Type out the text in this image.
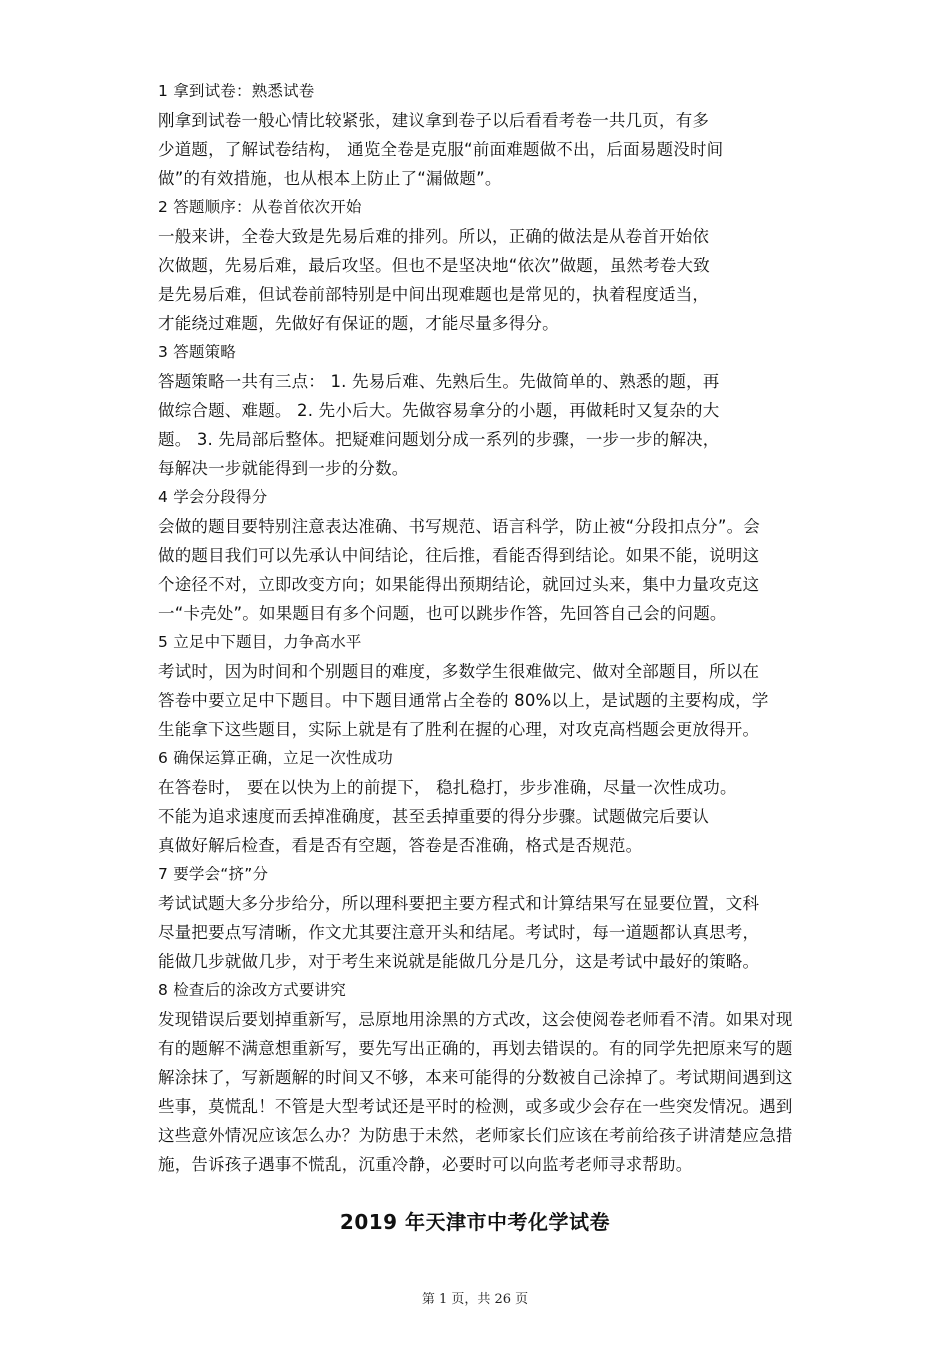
1 拿到试卷：熟悉试卷
刚拿到试卷一般心情比较紧张，建议拿到卷子以后看看考卷一共几页，有多
少道题，了解试卷结构， 通览全卷是克服“前面难题做不出，后面易题没时间
做”的有效措施，也从根本上防止了“漏做题”。
2 答题顺序：从卷首依次开始
一般来讲，全卷大致是先易后难的排列。所以，正确的做法是从卷首开始依
次做题，先易后难，最后攻坚。但也不是坚决地“依次”做题，虽然考卷大致
是先易后难，但试卷前部特别是中间出现难题也是常见的，执着程度适当，
才能绕过难题，先做好有保证的题，才能尽量多得分。
3 答题策略
答题策略一共有三点： 1. 先易后难、先熟后生。先做简单的、熟悉的题，再
做综合题、难题。 2. 先小后大。先做容易拿分的小题，再做耗时又复杂的大
题。 3. 先局部后整体。把疑难问题划分成一系列的步骤，一步一步的解决，
每解决一步就能得到一步的分数。
4 学会分段得分
会做的题目要特别注意表达准确、书写规范、语言科学，防止被“分段扣点分”。会
做的题目我们可以先承认中间结论，往后推，看能否得到结论。如果不能，说明这
个途径不对，立即改变方向；如果能得出预期结论，就回过头来，集中力量攻克这
一“卡壳处”。如果题目有多个问题，也可以跳步作答，先回答自己会的问题。
5 立足中下题目，力争高水平
考试时，因为时间和个别题目的难度，多数学生很难做完、做对全部题目，所以在
答卷中要立足中下题目。中下题目通常占全卷的 80%以上，是试题的主要构成，学
生能拿下这些题目，实际上就是有了胜利在握的心理，对攻克高档题会更放得开。
6 确保运算正确，立足一次性成功
在答卷时， 要在以快为上的前提下， 稳扎稳打，步步准确，尽量一次性成功。
不能为追求速度而丢掉准确度，甚至丢掉重要的得分步骤。试题做完后要认
真做好解后检查，看是否有空题，答卷是否准确，格式是否规范。
7 要学会“挤”分
考试试题大多分步给分，所以理科要把主要方程式和计算结果写在显要位置，文科
尽量把要点写清晰，作文尤其要注意开头和结尾。考试时，每一道题都认真思考，
能做几步就做几步，对于考生来说就是能做几分是几分，这是考试中最好的策略。
8 检查后的涂改方式要讲究
发现错误后要划掉重新写，忌原地用涂黑的方式改，这会使阅卷老师看不清。如果对现
有的题解不满意想重新写，要先写出正确的，再划去错误的。有的同学先把原来写的题
解涂抹了，写新题解的时间又不够，本来可能得的分数被自己涂掉了。考试期间遇到这
些事，莫慌乱！不管是大型考试还是平时的检测，或多或少会存在一些突发情况。遇到
这些意外情况应该怎么办？为防患于未然，老师家长们应该在考前给孩子讲清楚应急措
施，告诉孩子遇事不慌乱，沉重冷静，必要时可以向监考老师寻求帮助。
2019 年天津市中考化学试卷
第 1 页，共 26 页
